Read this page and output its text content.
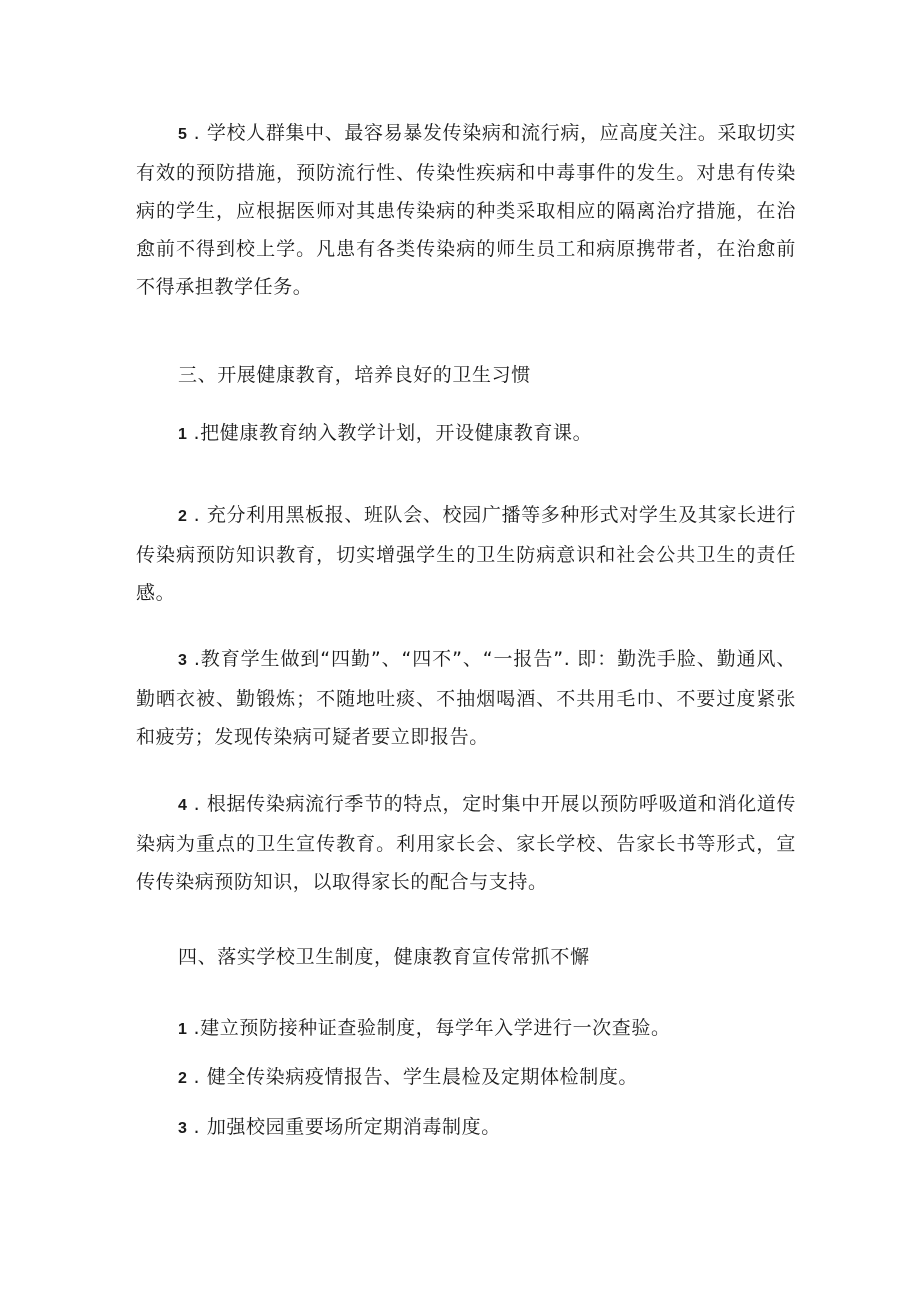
5 . 学校人群集中、最容易暴发传染病和流行病，应高度关注。采取切实有效的预防措施，预防流行性、传染性疾病和中毒事件的发生。对患有传染病的学生，应根据医师对其患传染病的种类采取相应的隔离治疗措施，在治愈前不得到校上学。凡患有各类传染病的师生员工和病原携带者，在治愈前不得承担教学任务。

三、开展健康教育，培养良好的卫生习惯

1 .把健康教育纳入教学计划，开设健康教育课。

2 . 充分利用黑板报、班队会、校园广播等多种形式对学生及其家长进行传染病预防知识教育，切实增强学生的卫生防病意识和社会公共卫生的责任感。

3 .教育学生做到“四勤”、“四不”、“一报告”. 即：勤洗手脸、勤通风、勤晒衣被、勤锻炼；不随地吐痰、不抽烟喝酒、不共用毛巾、不要过度紧张和疲劳；发现传染病可疑者要立即报告。

4 . 根据传染病流行季节的特点，定时集中开展以预防呼吸道和消化道传染病为重点的卫生宣传教育。利用家长会、家长学校、告家长书等形式，宣传传染病预防知识，以取得家长的配合与支持。

四、落实学校卫生制度，健康教育宣传常抓不懈

1 .建立预防接种证查验制度，每学年入学进行一次查验。

2 . 健全传染病疫情报告、学生晨检及定期体检制度。

3 . 加强校园重要场所定期消毒制度。
